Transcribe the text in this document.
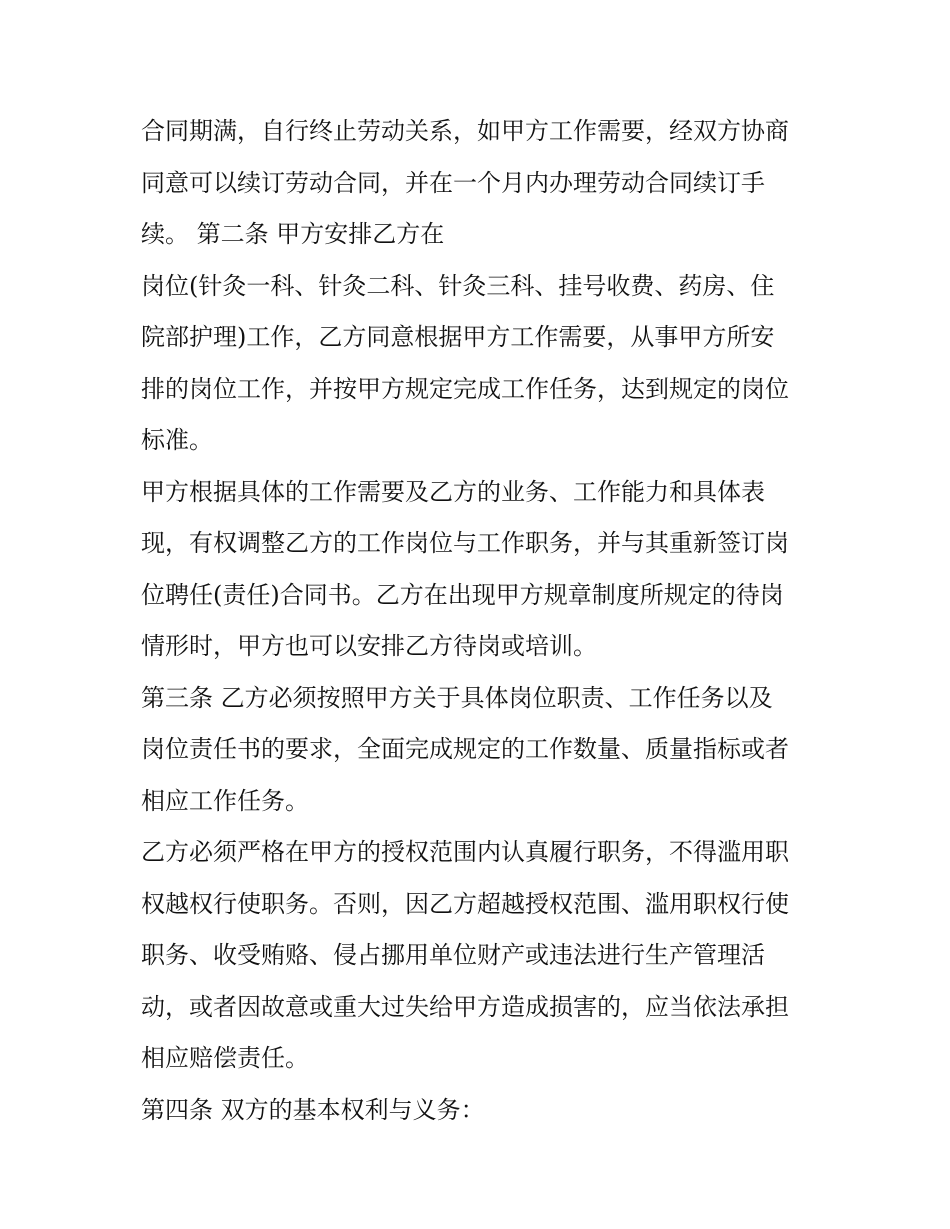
合同期满，自行终止劳动关系，如甲方工作需要，经双方协商
同意可以续订劳动合同，并在一个月内办理劳动合同续订手
续。 第二条 甲方安排乙方在

岗位(针灸一科、针灸二科、针灸三科、挂号收费、药房、住
院部护理)工作，乙方同意根据甲方工作需要，从事甲方所安
排的岗位工作，并按甲方规定完成工作任务，达到规定的岗位
标准。

甲方根据具体的工作需要及乙方的业务、工作能力和具体表
现，有权调整乙方的工作岗位与工作职务，并与其重新签订岗
位聘任(责任)合同书。乙方在出现甲方规章制度所规定的待岗
情形时，甲方也可以安排乙方待岗或培训。

第三条 乙方必须按照甲方关于具体岗位职责、工作任务以及
岗位责任书的要求，全面完成规定的工作数量、质量指标或者
相应工作任务。

乙方必须严格在甲方的授权范围内认真履行职务，不得滥用职
权越权行使职务。否则，因乙方超越授权范围、滥用职权行使
职务、收受贿赂、侵占挪用单位财产或违法进行生产管理活
动，或者因故意或重大过失给甲方造成损害的，应当依法承担
相应赔偿责任。

第四条 双方的基本权利与义务：
